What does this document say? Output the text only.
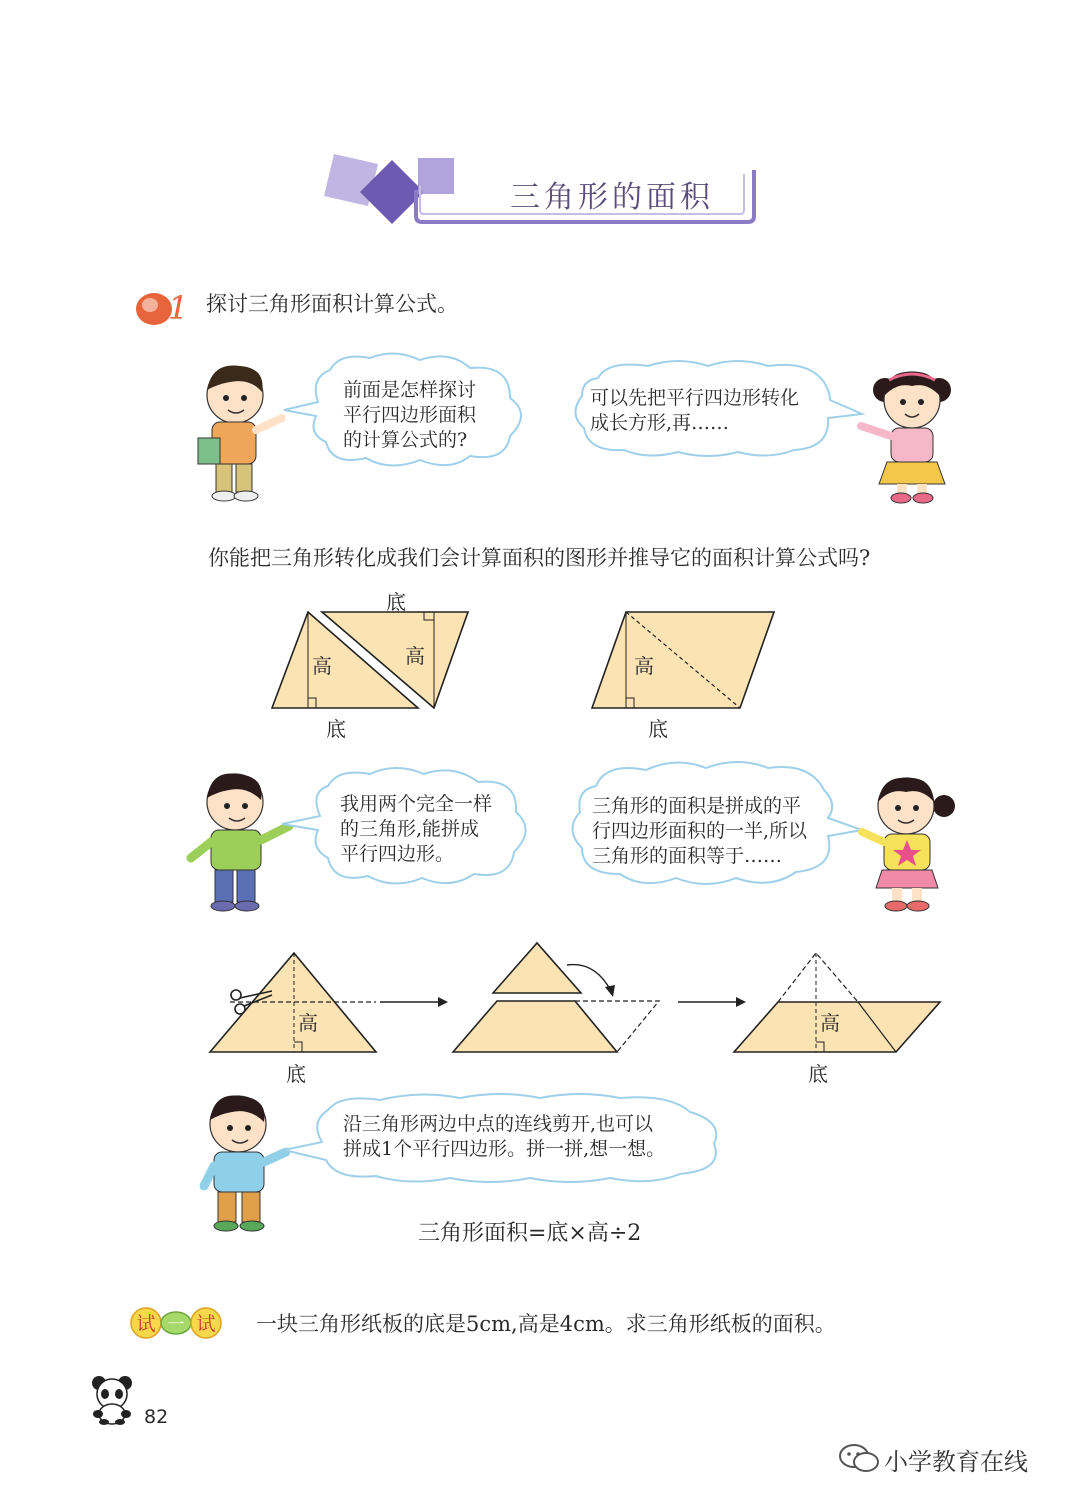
三角形的面积
1 探讨三角形面积计算公式。
前面是怎样探讨
平行四边形面积
的计算公式的?
可以先把平行四边形转化
成长方形,再……
你能把三角形转化成我们会计算面积的图形并推导它的面积计算公式吗?
底
高	高
底
高
底
我用两个完全一样
的三角形,能拼成
平行四边形。
三角形的面积是拼成的平
行四边形面积的一半,所以
三角形的面积等于……
高
底
高
底
沿三角形两边中点的连线剪开,也可以
拼成1个平行四边形。拼一拼,想一想。
三角形面积=底×高÷2
试 一 试 一块三角形纸板的底是5cm,高是4cm。求三角形纸板的面积。
82
小学教育在线
